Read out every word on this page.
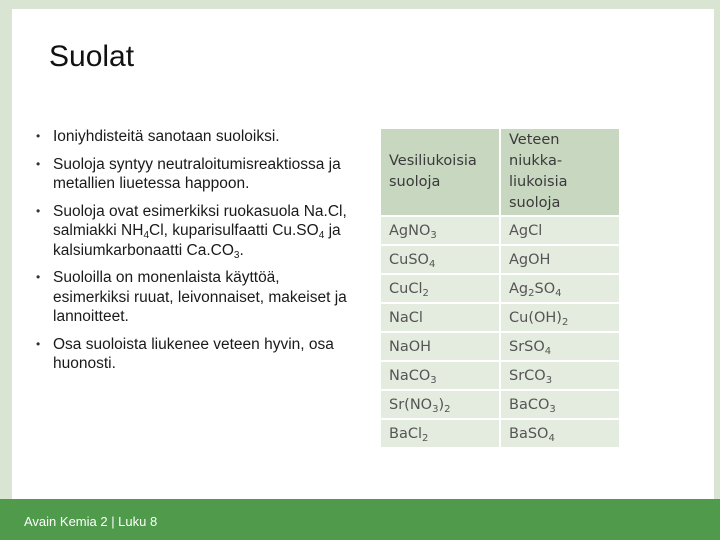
Suolat
• Ioniyhdisteitä sanotaan suoloiksi.
• Suoloja syntyy neutraloitumisreaktiossa ja metallien liuetessa happoon.
• Suoloja ovat esimerkiksi ruokasuola Na.Cl, salmiakki $NH_4Cl$, kuparisulfaatti $Cu.SO_4$ ja kalsiumkarbonaatti $Ca.CO_3$.
• Suoloilla on monenlaista käyttöä, esimerkiksi ruuat, leivonnaiset, makeiset ja lannoitteet.
• Osa suoloista liukenee veteen hyvin, osa huonosti.
Vesiliukoisia
suoloja	Veteen niukka-
liukoisia suoloja
AgNO$_3$	AgCl
CuSO$_4$	AgOH
CuCl$_2$	$Ag_2SO_4$
NaCl	$Cu(OH)_2$
NaOH	SrSO$_4$
NaCO$_3$	SrCO$_3$
$Sr(NO_3)_2$	BaCO$_3$
BaCl$_2$	BaSO$_4$
Avain Kemia 2 | Luku 8
